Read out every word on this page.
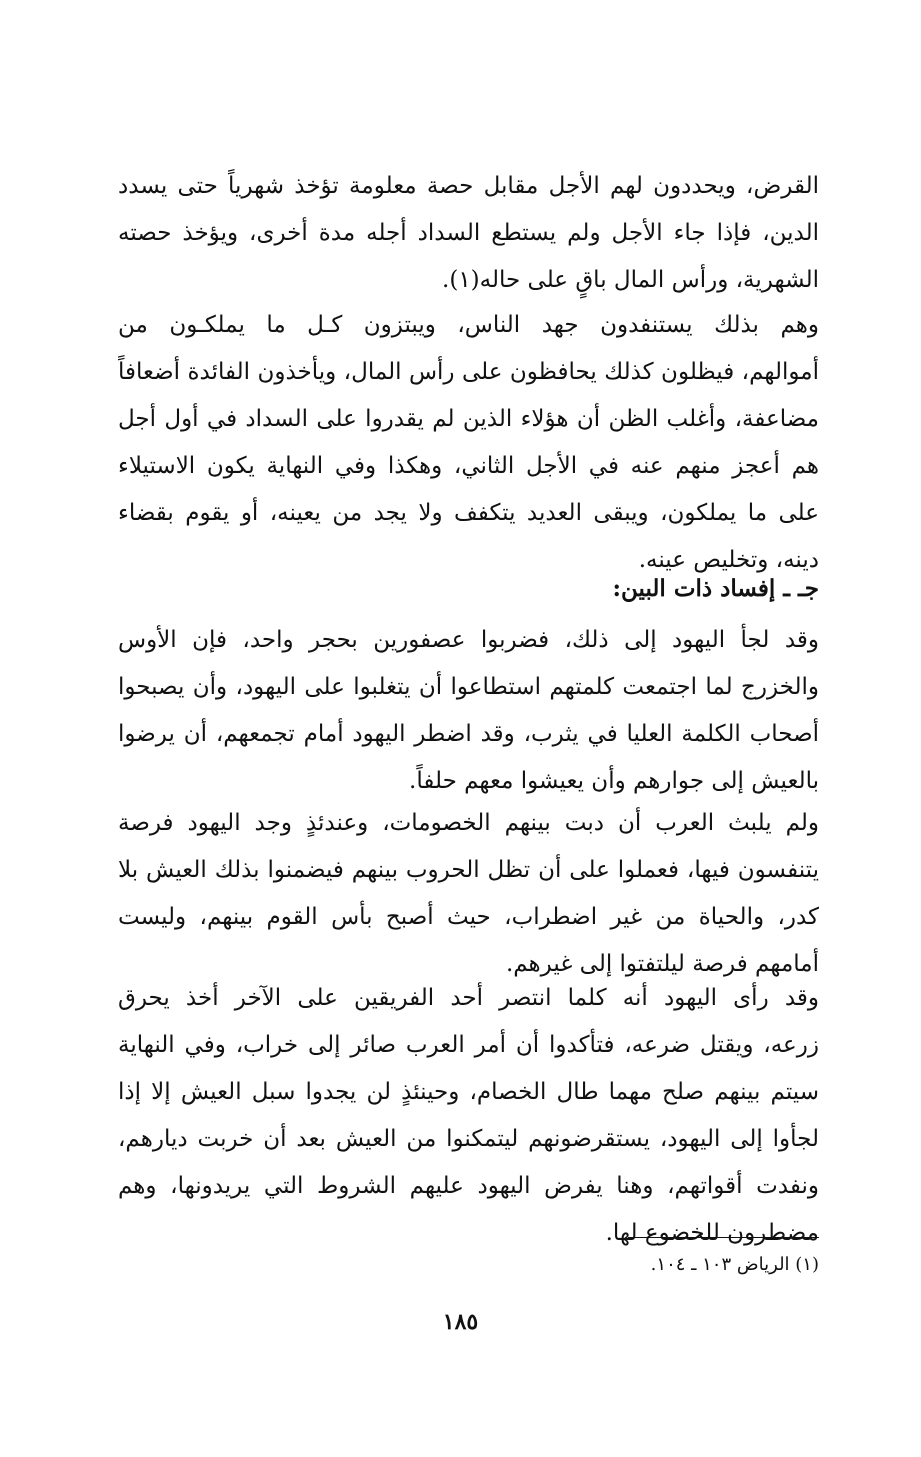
القرض، ويحددون لهم الأجل مقابل حصة معلومة تؤخذ شهرياً حتى يسدد
الدين، فإذا جاء الأجل ولم يستطع السداد أجله مدة أخرى، ويؤخذ حصته
الشهرية، ورأس المال باقٍ على حاله(١).
وهم بذلك يستنفدون جهد الناس، ويبتزون كـل ما يملكـون من
أموالهم، فيظلون كذلك يحافظون على رأس المال، ويأخذون الفائدة أضعافاً
مضاعفة، وأغلب الظن أن هؤلاء الذين لم يقدروا على السداد في أول أجل
هم أعجز منهم عنه في الأجل الثاني، وهكذا وفي النهاية يكون الاستيلاء
على ما يملكون، ويبقى العديد يتكفف ولا يجد من يعينه، أو يقوم بقضاء
دينه، وتخليص عينه.
جـ ـ إفساد ذات البين:
وقد لجأ اليهود إلى ذلك، فضربوا عصفورين بحجر واحد، فإن الأوس
والخزرج لما اجتمعت كلمتهم استطاعوا أن يتغلبوا على اليهود، وأن يصبحوا
أصحاب الكلمة العليا في يثرب، وقد اضطر اليهود أمام تجمعهم، أن يرضوا
بالعيش إلى جوارهم وأن يعيشوا معهم حلفاً.
ولم يلبث العرب أن دبت بينهم الخصومات، وعندئذٍ وجد اليهود فرصة
يتنفسون فيها، فعملوا على أن تظل الحروب بينهم فيضمنوا بذلك العيش بلا
كدر، والحياة من غير اضطراب، حيث أصبح بأس القوم بينهم، وليست
أمامهم فرصة ليلتفتوا إلى غيرهم.
وقد رأى اليهود أنه كلما انتصر أحد الفريقين على الآخر أخذ يحرق
زرعه، ويقتل ضرعه، فتأكدوا أن أمر العرب صائر إلى خراب، وفي النهاية
سيتم بينهم صلح مهما طال الخصام، وحينئذٍ لن يجدوا سبل العيش إلا إذا
لجأوا إلى اليهود، يستقرضونهم ليتمكنوا من العيش بعد أن خربت ديارهم،
ونفدت أقواتهم، وهنا يفرض اليهود عليهم الشروط التي يريدونها، وهم
مضطرون للخضوع لها.
(١) الرياض ١٠٣ ـ ١٠٤.
١٨٥
